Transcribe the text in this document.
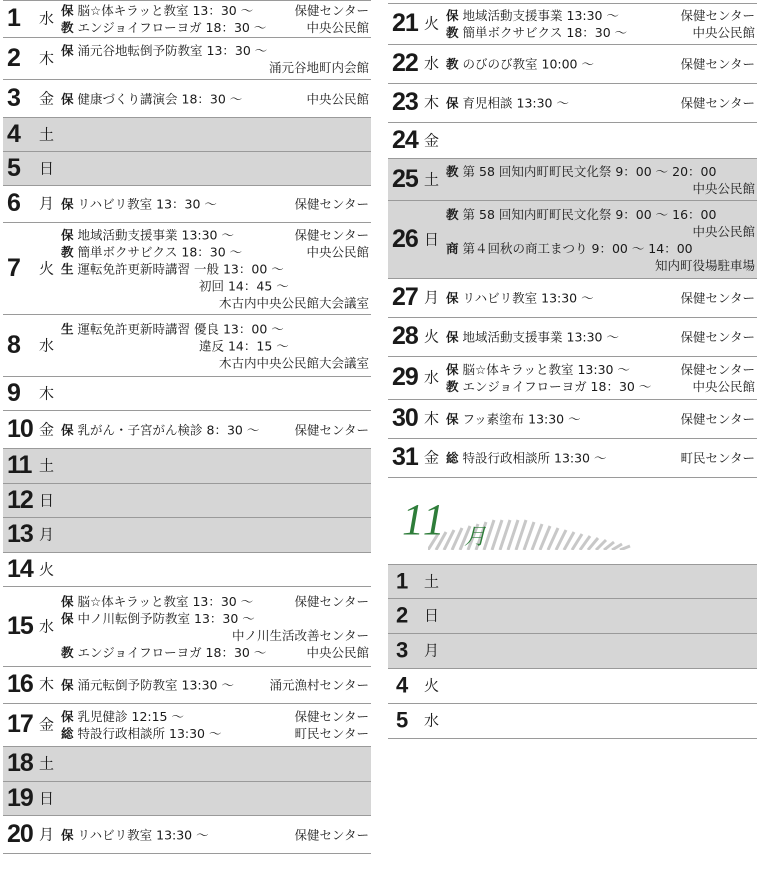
1 水 保 脳☆体キラッと教室 13：30 〜	保健センター
教 エンジョイフローヨガ 18：30 〜	中央公民館
2 木 保 涌元谷地転倒予防教室 13：30 〜
涌元谷地町内会館
3 金 保 健康づくり講演会 18：30 〜	中央公民館
4 土
5 日
6 月 保 リハビリ教室 13：30 〜	保健センター
7 火
保 地域活動支援事業 13:30 〜	保健センター
教 簡単ボクサビクス 18：30 〜	中央公民館
生 運転免許更新時講習 一般 13：00 〜
初回 14：45 〜
木古内中央公民館大会議室
8 水
生 運転免許更新時講習 優良 13：00 〜
違反 14：15 〜
木古内中央公民館大会議室
9 木
10 金 保 乳がん・子宮がん検診 8：30 〜	保健センター
11 土
12 日
13 月
14 火
15 水
保 脳☆体キラッと教室 13：30 〜	保健センター
保 中ノ川転倒予防教室 13：30 〜
中ノ川生活改善センター
教 エンジョイフローヨガ 18：30 〜	中央公民館
16 木 保 涌元転倒予防教室 13:30 〜	涌元漁村センター
17 金 保 乳児健診 12:15 〜	保健センター
総 特設行政相談所 13:30 〜	町民センター
18 土
19 日
20 月 保 リハビリ教室 13:30 〜	保健センター
21 火 保 地域活動支援事業 13:30 〜	保健センター
教 簡単ボクサビクス 18：30 〜	中央公民館
22 水 教 のびのび教室 10:00 〜	保健センター
23 木 保 育児相談 13:30 〜	保健センター
24 金
25 土 教 第 58 回知内町町民文化祭 9：00 〜 20：00
中央公民館
26 日
教 第 58 回知内町町民文化祭 9：00 〜 16：00
中央公民館
商 第４回秋の商工まつり 9：00 〜 14：00
知内町役場駐車場
27 月 保 リハビリ教室 13:30 〜	保健センター
28 火 保 地域活動支援事業 13:30 〜	保健センター
29 水 保 脳☆体キラッと教室 13:30 〜	保健センター
教 エンジョイフローヨガ 18：30 〜	中央公民館
30 木 保 フッ素塗布 13:30 〜	保健センター
31 金 総 特設行政相談所 13:30 〜	町民センター
11 月
1 土
2 日
3 月
4 火
5 水
